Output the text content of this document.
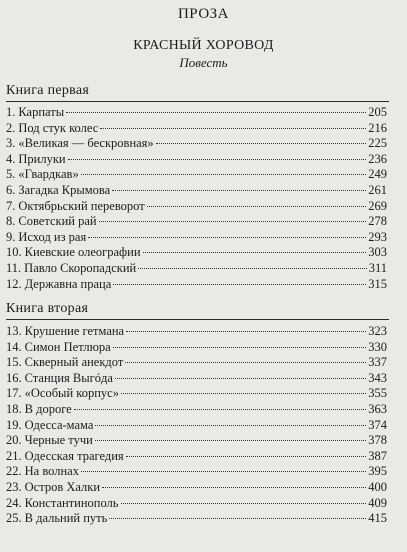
ПРОЗА
КРАСНЫЙ ХОРОВОД
Повесть
Книга первая
1. Карпаты	205
2. Под стук колес	216
3. «Великая — бескровная»	225
4. Прилуки	236
5. «Гвардкав»	249
6. Загадка Крымова	261
7. Октябрьский переворот	269
8. Советский рай	278
9. Исход из рая	293
10. Киевские олеографии	303
11. Павло Скоропадский	311
12. Державна праца	315
Книга вторая
13. Крушение гетмана	323
14. Симон Петлюра	330
15. Скверный анекдот	337
16. Станция Выгóда	343
17. «Особый корпус»	355
18. В дороге	363
19. Одесса-мама	374
20. Черные тучи	378
21. Одесская трагедия	387
22. На волнах	395
23. Остров Халки	400
24. Константинополь	409
25. В дальний путь	415
